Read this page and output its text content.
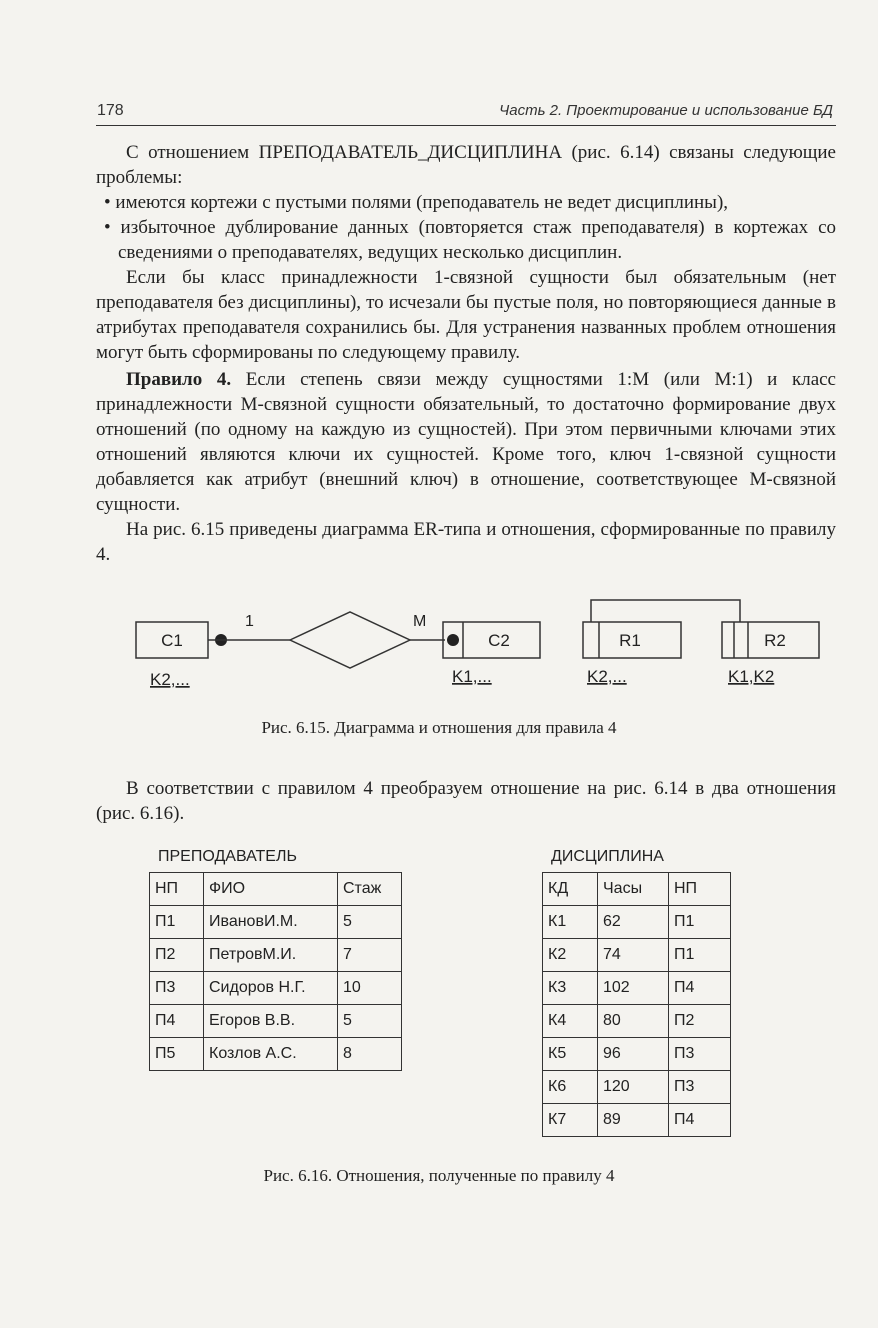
178	Часть 2. Проектирование и использование БД

С отношением ПРЕПОДАВАТЕЛЬ_ДИСЦИПЛИНА (рис. 6.14) связаны следующие проблемы:

• имеются кортежи с пустыми полями (преподаватель не ведет дисциплины),
• избыточное дублирование данных (повторяется стаж преподавателя) в кортежах со сведениями о преподавателях, ведущих несколько дисциплин.

Если бы класс принадлежности 1-связной сущности был обязательным (нет преподавателя без дисциплины), то исчезали бы пустые поля, но повторяющиеся данные в атрибутах преподавателя сохранились бы. Для устранения названных проблем отношения могут быть сформированы по следующему правилу.

Правило 4. Если степень связи между сущностями 1:М (или М:1) и класс принадлежности М-связной сущности обязательный, то достаточно формирование двух отношений (по одному на каждую из сущностей). При этом первичными ключами этих отношений являются ключи их сущностей. Кроме того, ключ 1-связной сущности добавляется как атрибут (внешний ключ) в отношение, соответствующее М-связной сущности.

На рис. 6.15 приведены диаграмма ER-типа и отношения, сформированные по правилу 4.

C1
1	M
C2
K2,...	K1,...
R1	R2
K2,...	K1,K2
Рис. 6.15. Диаграмма и отношения для правила 4

В соответствии с правилом 4 преобразуем отношение на рис. 6.14 в два отношения (рис. 6.16).

ПРЕПОДАВАТЕЛЬ
НП	ФИО	Стаж
П1	ИвановИ.М.	5
П2	ПетровМ.И.	7
П3	Сидоров Н.Г.	10
П4	Егоров В.В.	5
П5	Козлов А.С.	8
ДИСЦИПЛИНА
КД	Часы	НП
К1	62	П1
К2	74	П1
К3	102	П4
К4	80	П2
К5	96	П3
К6	120	П3
К7	89	П4
Рис. 6.16. Отношения, полученные по правилу 4
